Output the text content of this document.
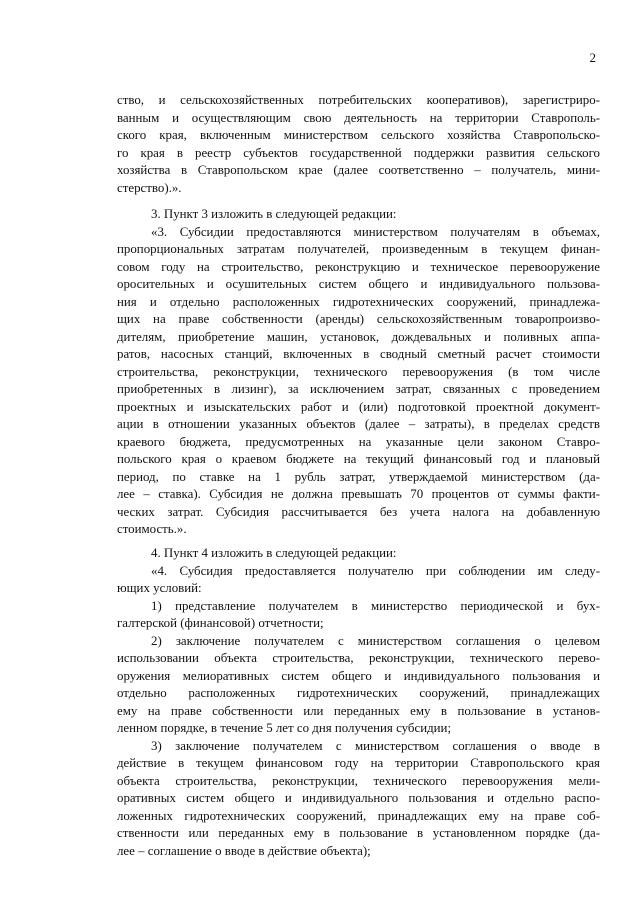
2
ство, и сельскохозяйственных потребительских кооперативов), зарегистриро-
ванным и осуществляющим свою деятельность на территории Ставрополь-
ского края, включенным министерством сельского хозяйства Ставропольско-
го края в реестр субъектов государственной поддержки развития сельского
хозяйства в Ставропольском крае (далее соответственно – получатель, мини-
стерство).».
3. Пункт 3 изложить в следующей редакции:
«3. Субсидии предоставляются министерством получателям в объемах,
пропорциональных затратам получателей, произведенным в текущем финан-
совом году на строительство, реконструкцию и техническое перевооружение
оросительных и осушительных систем общего и индивидуального пользова-
ния и отдельно расположенных гидротехнических сооружений, принадлежа-
щих на праве собственности (аренды) сельскохозяйственным товаропроизво-
дителям, приобретение машин, установок, дождевальных и поливных аппа-
ратов, насосных станций, включенных в сводный сметный расчет стоимости
строительства, реконструкции, технического перевооружения (в том числе
приобретенных в лизинг), за исключением затрат, связанных с проведением
проектных и изыскательских работ и (или) подготовкой проектной документ-
ации в отношении указанных объектов (далее – затраты), в пределах средств
краевого бюджета, предусмотренных на указанные цели законом Ставро-
польского края о краевом бюджете на текущий финансовый год и плановый
период, по ставке на 1 рубль затрат, утверждаемой министерством (да-
лее – ставка). Субсидия не должна превышать 70 процентов от суммы факти-
ческих затрат. Субсидия рассчитывается без учета налога на добавленную
стоимость.».
4. Пункт 4 изложить в следующей редакции:
«4. Субсидия предоставляется получателю при соблюдении им следу-
ющих условий:
1) представление получателем в министерство периодической и бух-
галтерской (финансовой) отчетности;
2) заключение получателем с министерством соглашения о целевом
использовании объекта строительства, реконструкции, технического перево-
оружения мелиоративных систем общего и индивидуального пользования и
отдельно расположенных гидротехнических сооружений, принадлежащих
ему на праве собственности или переданных ему в пользование в установ-
ленном порядке, в течение 5 лет со дня получения субсидии;
3) заключение получателем с министерством соглашения о вводе в
действие в текущем финансовом году на территории Ставропольского края
объекта строительства, реконструкции, технического перевооружения мели-
оративных систем общего и индивидуального пользования и отдельно распо-
ложенных гидротехнических сооружений, принадлежащих ему на праве соб-
ственности или переданных ему в пользование в установленном порядке (да-
лее – соглашение о вводе в действие объекта);
